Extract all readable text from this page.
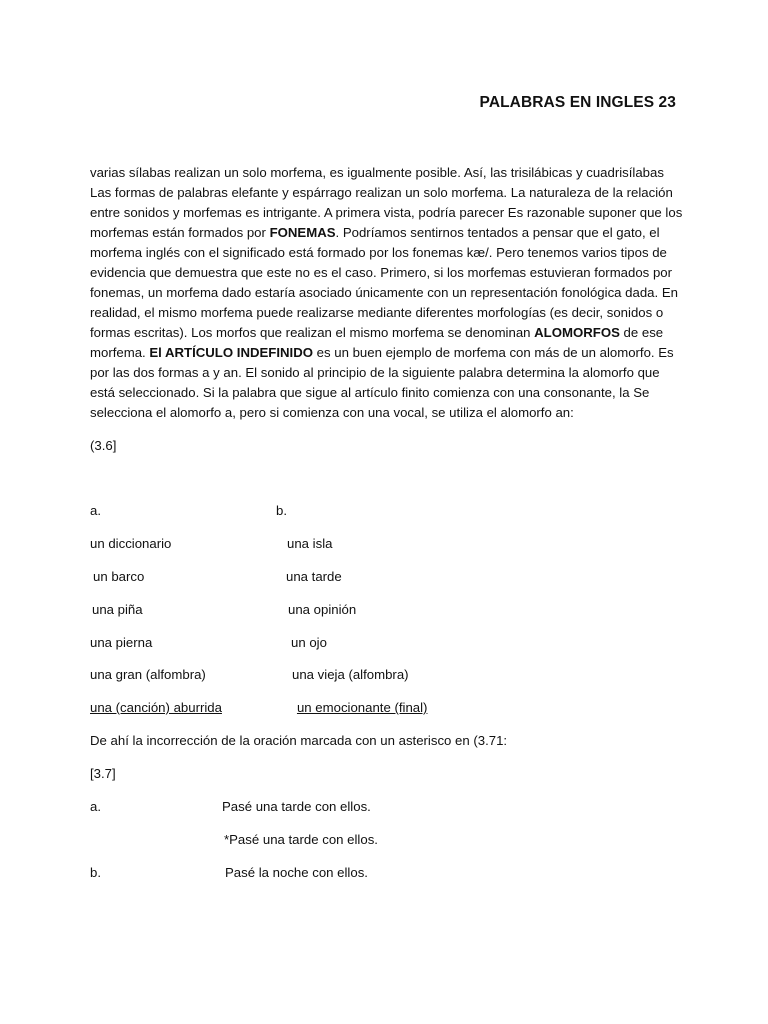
PALABRAS EN INGLES 23

varias sílabas realizan un solo morfema, es igualmente posible. Así, las trisilábicas y cuadrisílabas Las formas de palabras elefante y espárrago realizan un solo morfema. La naturaleza de la relación entre sonidos y morfemas es intrigante. A primera vista, podría parecer Es razonable suponer que los morfemas están formados por FONEMAS. Podríamos sentirnos tentados a pensar que el gato, el morfema inglés con el significado está formado por los fonemas kæ/. Pero tenemos varios tipos de evidencia que demuestra que este no es el caso. Primero, si los morfemas estuvieran formados por fonemas, un morfema dado estaría asociado únicamente con un representación fonológica dada. En realidad, el mismo morfema puede realizarse mediante diferentes morfologías (es decir, sonidos o formas escritas). Los morfos que realizan el mismo morfema se denominan ALOMORFOS de ese morfema. El ARTÍCULO INDEFINIDO es un buen ejemplo de morfema con más de un alomorfo. Es por las dos formas a y an. El sonido al principio de la siguiente palabra determina la alomorfo que está seleccionado. Si la palabra que sigue al artículo finito comienza con una consonante, la Se selecciona el alomorfo a, pero si comienza con una vocal, se utiliza el alomorfo an:

(3.6]
a.	b.
un diccionario	una isla
un barco	una tarde
una piña	una opinión
una pierna	un ojo
una gran (alfombra)	una vieja (alfombra)
una (canción) aburrida	un emocionante (final)
De ahí la incorrección de la oración marcada con un asterisco en (3.71:
[3.7]
a.	Pasé una tarde con ellos.
*Pasé una tarde con ellos.
b.	Pasé la noche con ellos.
